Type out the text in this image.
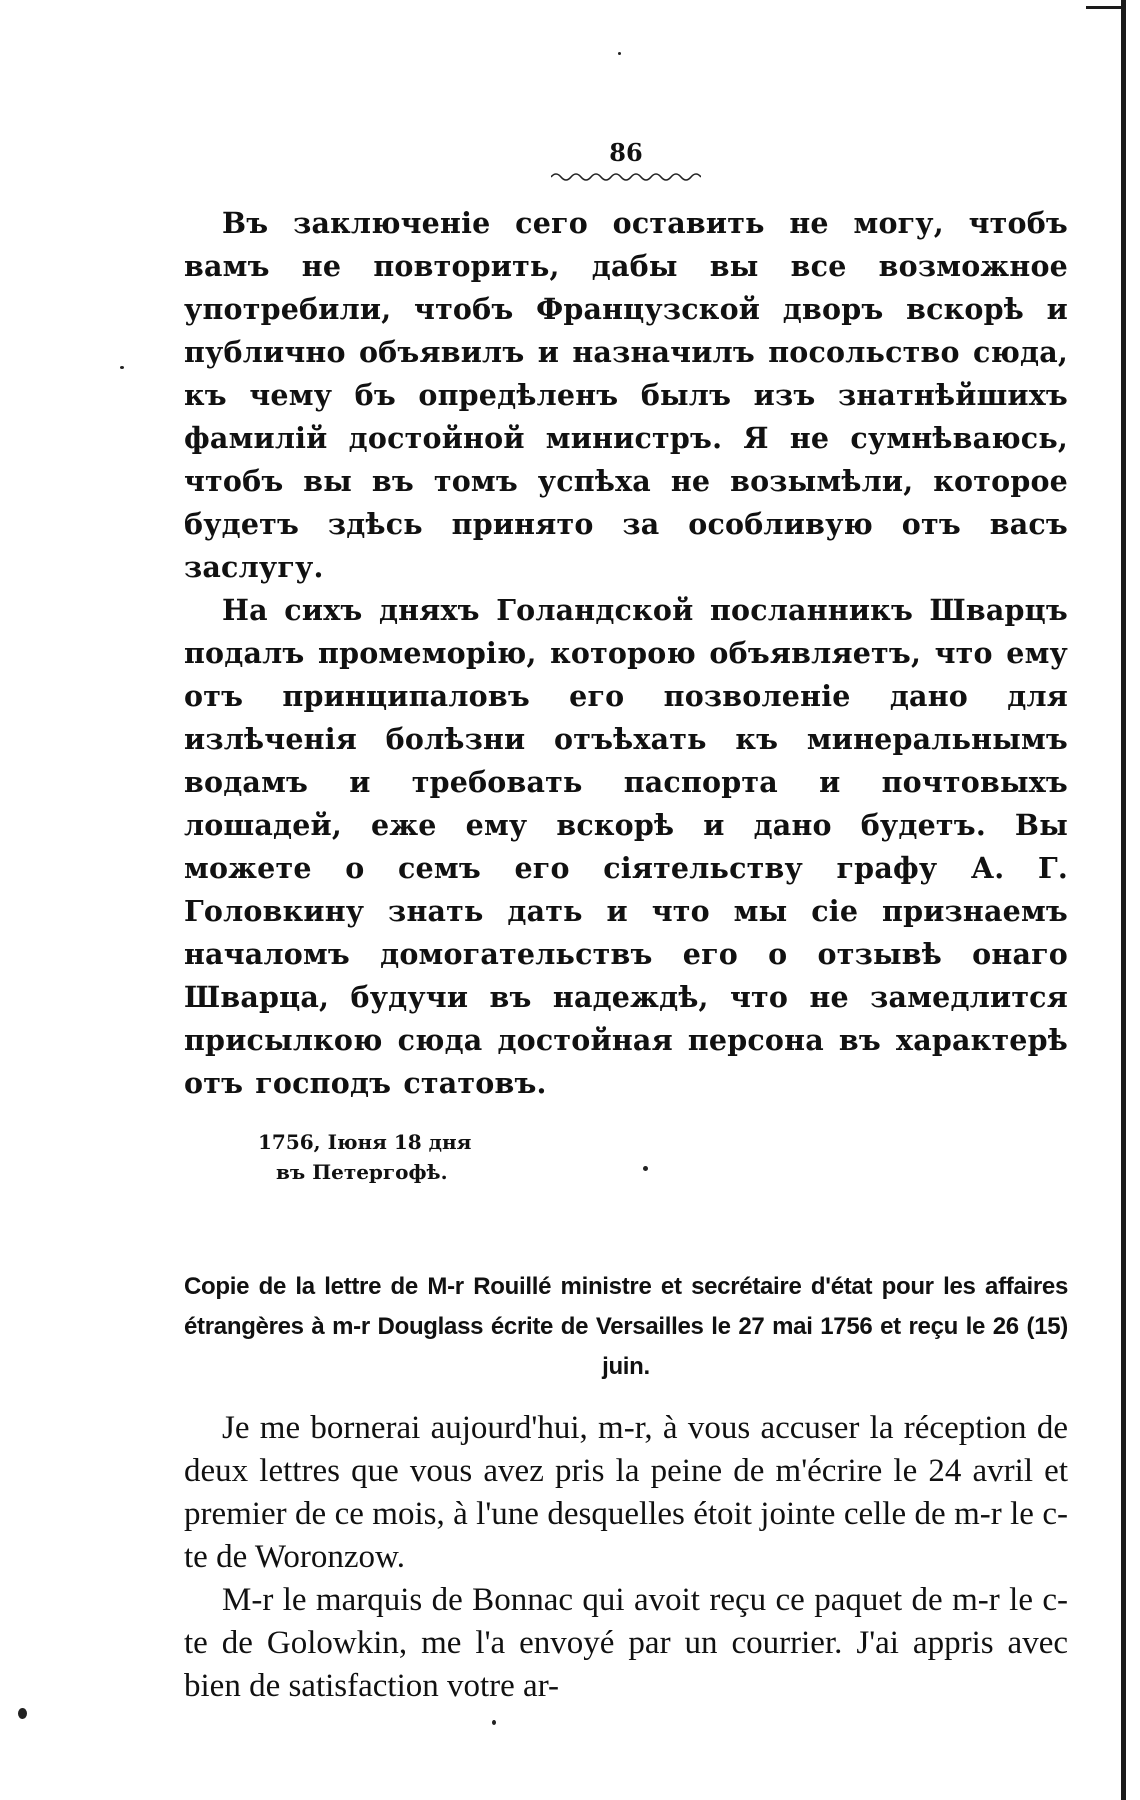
86

Въ заключенie сего оставить не могу, чтобъ вамъ не повторить, дабы вы все возможное употребили, чтобъ Французской дворъ вскорѣ и публично объявилъ и назначилъ посольство сюда, къ чему бъ опредѣленъ былъ изъ знатнѣйшихъ фамилiй достойной министръ. Я не сумнѣваюсь, чтобъ вы въ томъ успѣха не возымѣли, которое будетъ здѣсь принято за особливую отъ васъ заслугу.

На сихъ дняхъ Голандской посланникъ Шварцъ подалъ промеморiю, которою объявляетъ, что ему отъ принципаловъ его позволенie дано для излѣченiя болѣзни отъѣхать къ минеральнымъ водамъ и требовать паспорта и почтовыхъ лошадей, еже ему вскорѣ и дано будетъ. Вы можете о семъ его сiятельству графу А. Г. Головкину знать дать и что мы сie признаемъ началомъ домогательствъ его о отзывѣ онаго Шварца, будучи въ надеждѣ, что не замедлится присылкою сюда достойная персона въ характерѣ отъ господъ статовъ.

1756, Iюня 18 дня
въ Петергофѣ.
Copie de la lettre de M-r Rouillé ministre et secrétaire d'état pour les affaires étrangères à m-r Douglass écrite de Versailles le 27 mai 1756 et reçu le 26 (15) juin.

Je me bornerai aujourd'hui, m-r, à vous accuser la réception de deux lettres que vous avez pris la peine de m'écrire le 24 avril et premier de ce mois, à l'une desquelles étoit jointe celle de m-r le c-te de Woronzow.

M-r le marquis de Bonnac qui avoit reçu ce paquet de m-r le c-te de Golowkin, me l'a envoyé par un courrier. J'ai appris avec bien de satisfaction votre ar-
